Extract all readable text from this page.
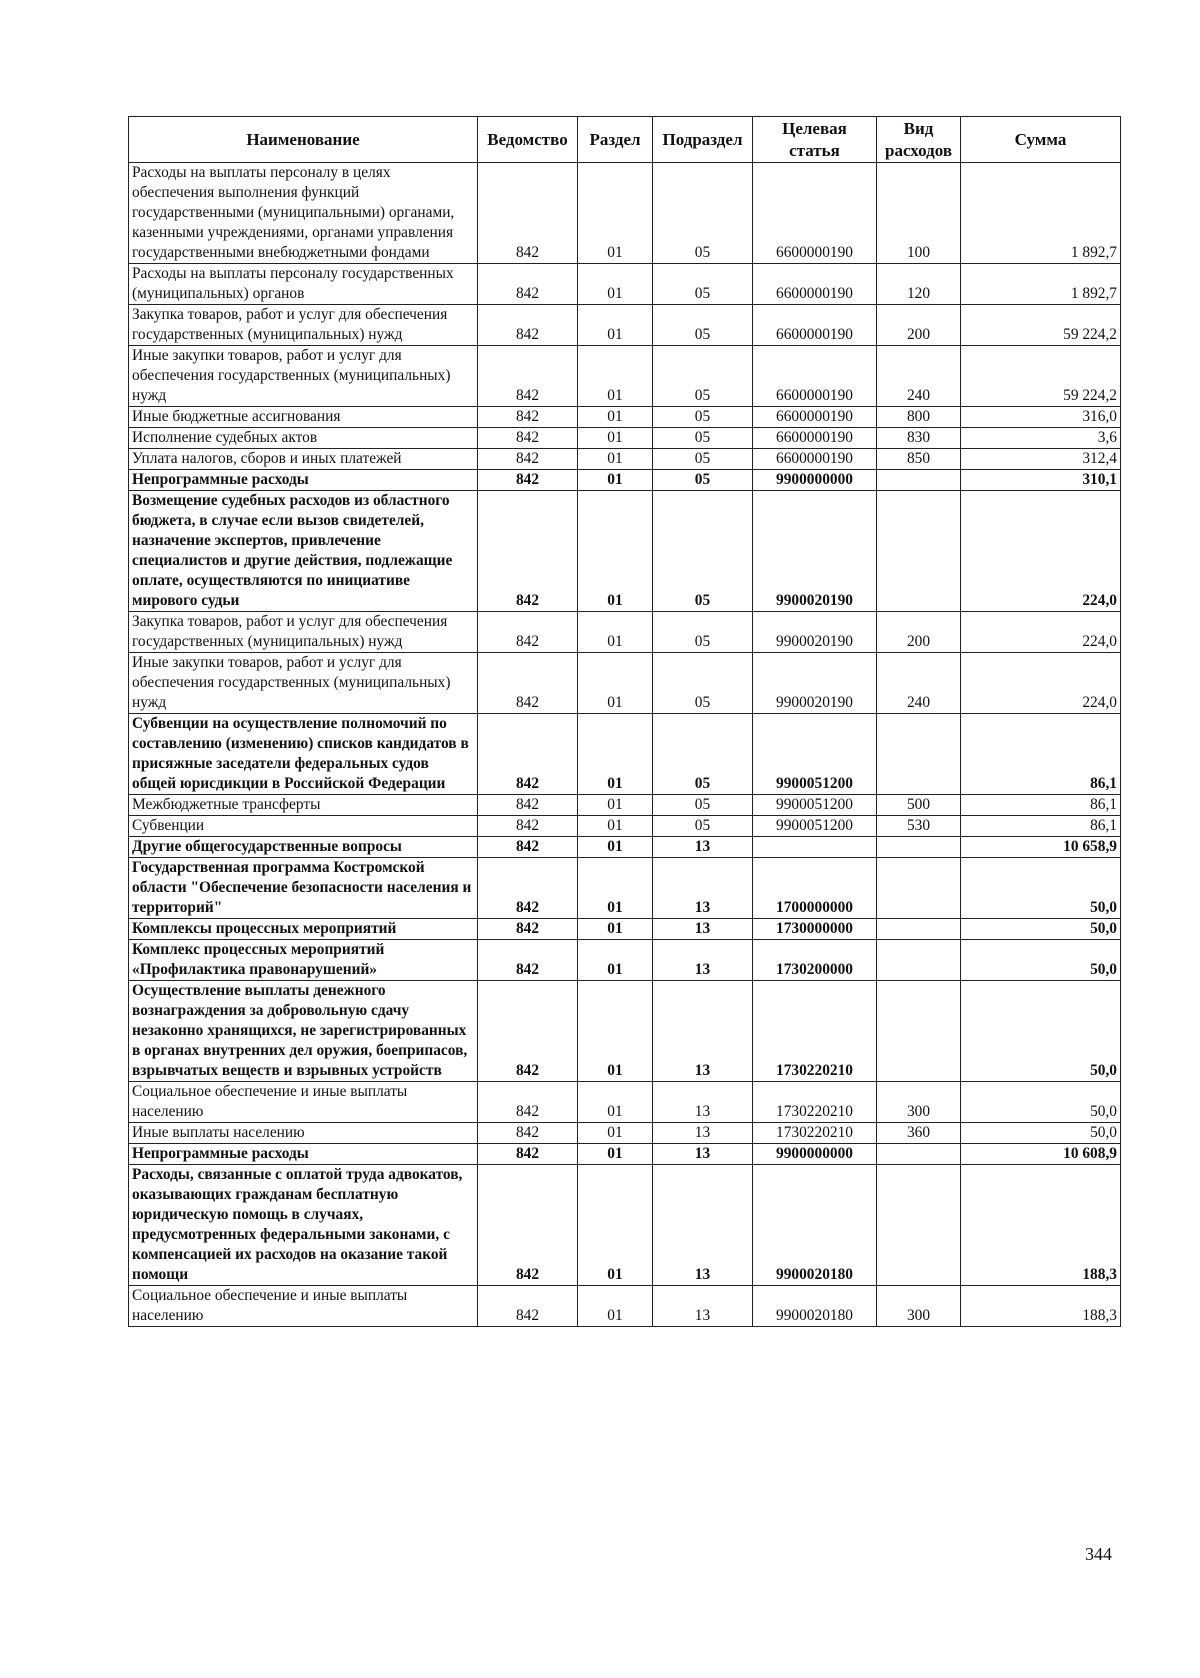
Наименование	Ведомство	Раздел	Подраздел	Целевая статья	Вид расходов	Сумма
Расходы на выплаты персоналу в целях обеспечения выполнения функций государственными (муниципальными) органами, казенными учреждениями, органами управления государственными внебюджетными фондами	842	01	05	6600000190	100	1 892,7
Расходы на выплаты персоналу государственных (муниципальных) органов	842	01	05	6600000190	120	1 892,7
Закупка товаров, работ и услуг для обеспечения государственных (муниципальных) нужд	842	01	05	6600000190	200	59 224,2
Иные закупки товаров, работ и услуг для обеспечения государственных (муниципальных) нужд	842	01	05	6600000190	240	59 224,2
Иные бюджетные ассигнования	842	01	05	6600000190	800	316,0
Исполнение судебных актов	842	01	05	6600000190	830	3,6
Уплата налогов, сборов и иных платежей	842	01	05	6600000190	850	312,4
Непрограммные расходы	842	01	05	9900000000		310,1
Возмещение судебных расходов из областного бюджета, в случае если вызов свидетелей, назначение экспертов, привлечение специалистов и другие действия, подлежащие оплате, осуществляются по инициативе мирового судьи	842	01	05	9900020190		224,0
Закупка товаров, работ и услуг для обеспечения государственных (муниципальных) нужд	842	01	05	9900020190	200	224,0
Иные закупки товаров, работ и услуг для обеспечения государственных (муниципальных) нужд	842	01	05	9900020190	240	224,0
Субвенции на осуществление полномочий по составлению (изменению) списков кандидатов в присяжные заседатели федеральных судов общей юрисдикции в Российской Федерации	842	01	05	9900051200		86,1
Межбюджетные трансферты	842	01	05	9900051200	500	86,1
Субвенции	842	01	05	9900051200	530	86,1
Другие общегосударственные вопросы	842	01	13			10 658,9
Государственная программа Костромской области "Обеспечение безопасности населения и территорий"	842	01	13	1700000000		50,0
Комплексы процессных мероприятий	842	01	13	1730000000		50,0
Комплекс процессных мероприятий «Профилактика правонарушений»	842	01	13	1730200000		50,0
Осуществление выплаты денежного вознаграждения за добровольную сдачу незаконно хранящихся, не зарегистрированных в органах внутренних дел оружия, боеприпасов, взрывчатых веществ и взрывных устройств	842	01	13	1730220210		50,0
Социальное обеспечение и иные выплаты населению	842	01	13	1730220210	300	50,0
Иные выплаты населению	842	01	13	1730220210	360	50,0
Непрограммные расходы	842	01	13	9900000000		10 608,9
Расходы, связанные с оплатой труда адвокатов, оказывающих гражданам бесплатную юридическую помощь в случаях, предусмотренных федеральными законами, с компенсацией их расходов на оказание такой помощи	842	01	13	9900020180		188,3
Социальное обеспечение и иные выплаты населению	842	01	13	9900020180	300	188,3
344
